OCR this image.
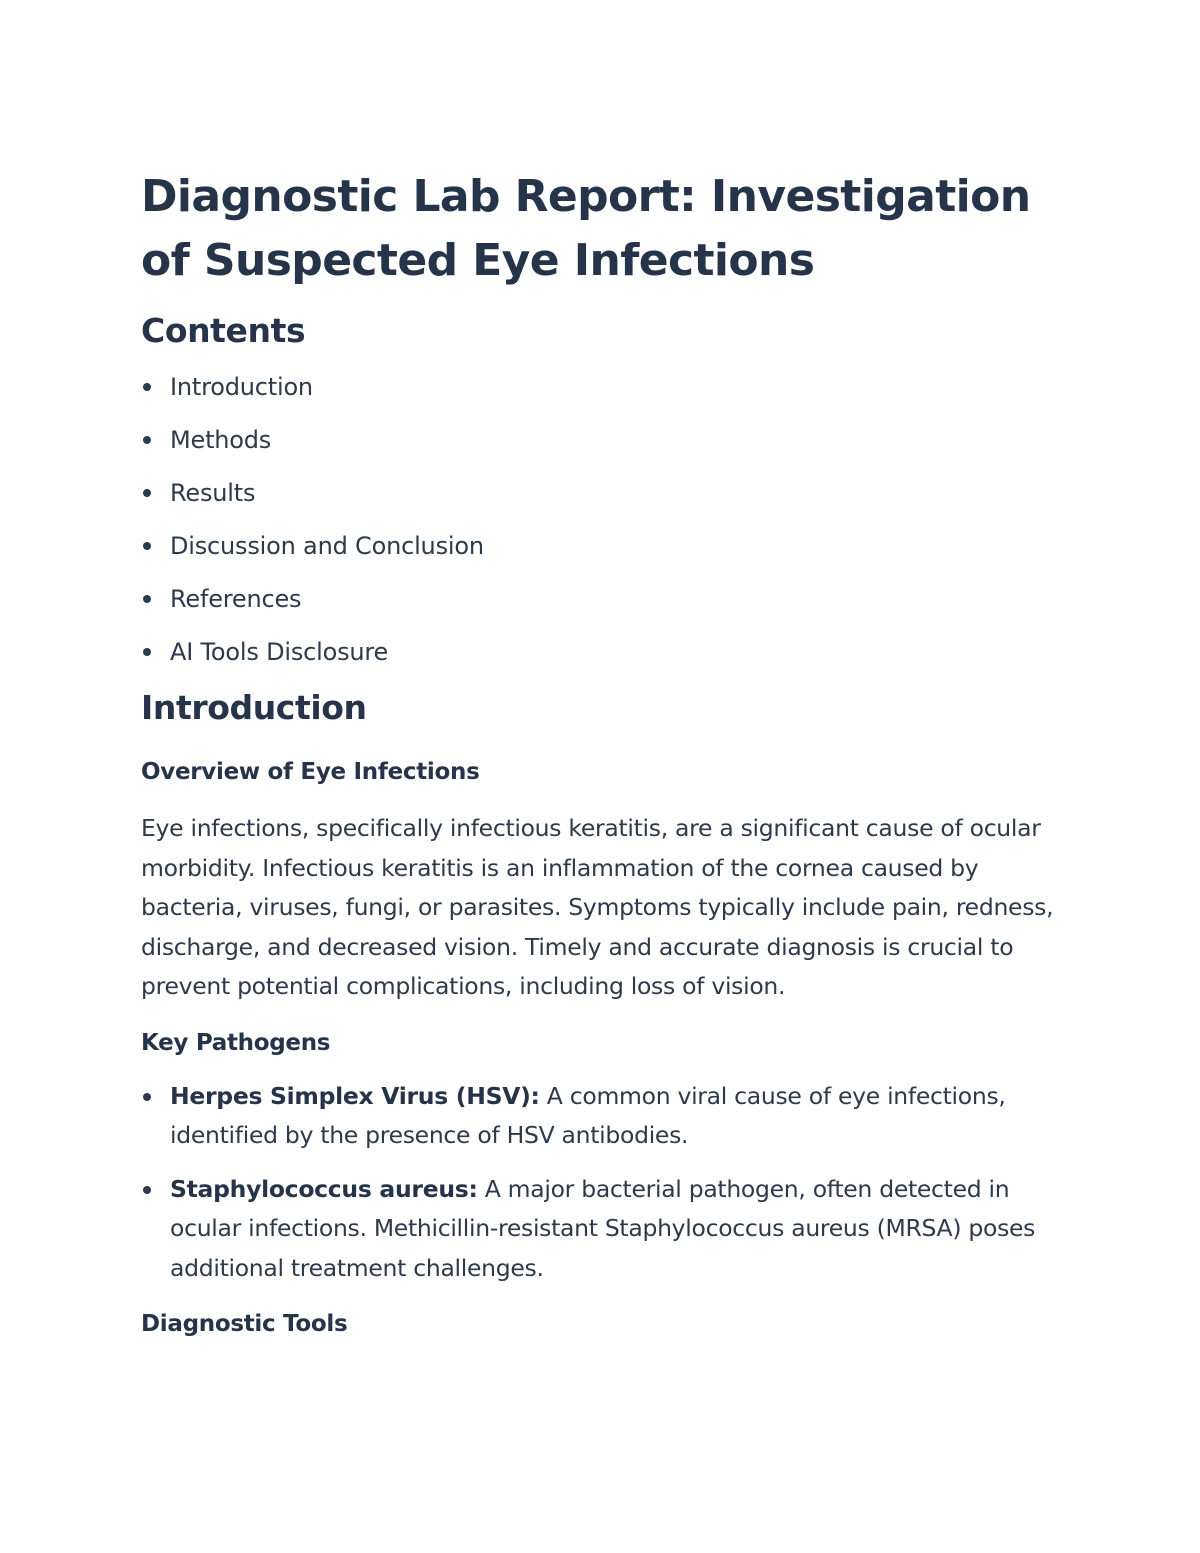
Diagnostic Lab Report: Investigation of Suspected Eye Infections
Contents
Introduction
Methods
Results
Discussion and Conclusion
References
AI Tools Disclosure
Introduction
Overview of Eye Infections

Eye infections, specifically infectious keratitis, are a significant cause of ocular morbidity. Infectious keratitis is an inflammation of the cornea caused by bacteria, viruses, fungi, or parasites. Symptoms typically include pain, redness, discharge, and decreased vision. Timely and accurate diagnosis is crucial to prevent potential complications, including loss of vision.

Key Pathogens
Herpes Simplex Virus (HSV): A common viral cause of eye infections, identified by the presence of HSV antibodies.
Staphylococcus aureus: A major bacterial pathogen, often detected in ocular infections. Methicillin-resistant Staphylococcus aureus (MRSA) poses additional treatment challenges.
Diagnostic Tools
